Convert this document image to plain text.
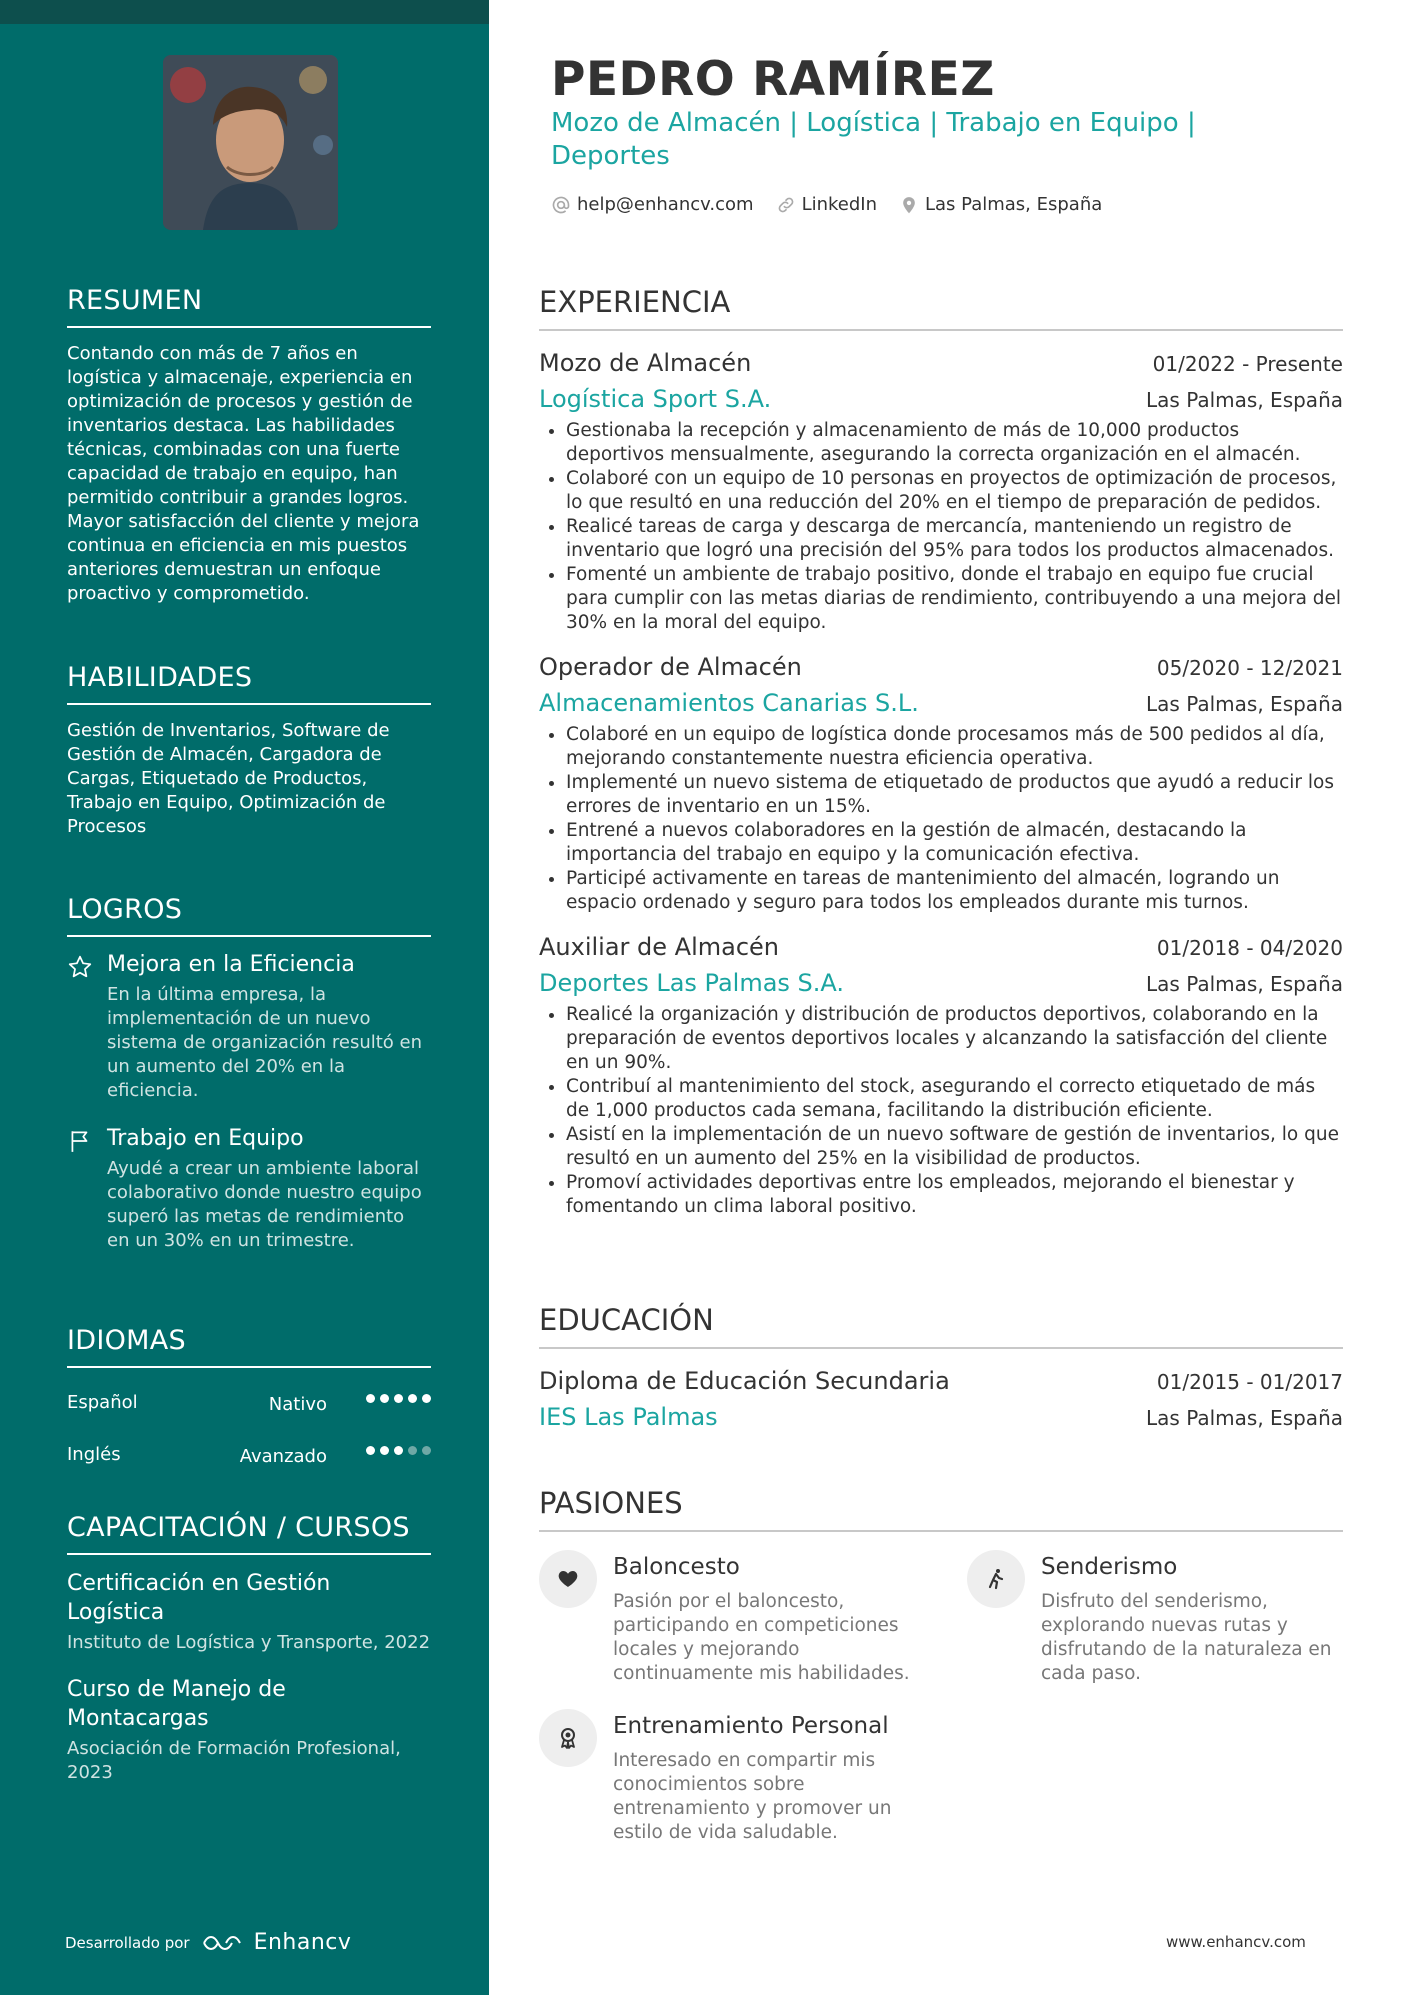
RESUMEN
Contando con más de 7 años en logística y almacenaje, experiencia en optimización de procesos y gestión de inventarios destaca. Las habilidades técnicas, combinadas con una fuerte capacidad de trabajo en equipo, han permitido contribuir a grandes logros. Mayor satisfacción del cliente y mejora continua en eficiencia en mis puestos anteriores demuestran un enfoque proactivo y comprometido.
HABILIDADES
Gestión de Inventarios, Software de Gestión de Almacén, Cargadora de Cargas, Etiquetado de Productos, Trabajo en Equipo, Optimización de Procesos
LOGROS
Mejora en la Eficiencia
En la última empresa, la implementación de un nuevo sistema de organización resultó en un aumento del 20% en la eficiencia.
Trabajo en Equipo
Ayudé a crear un ambiente laboral colaborativo donde nuestro equipo superó las metas de rendimiento en un 30% en un trimestre.
IDIOMAS
Español	Nativo
Inglés	Avanzado
CAPACITACIÓN / CURSOS
Certificación en Gestión Logística
Instituto de Logística y Transporte, 2022
Curso de Manejo de Montacargas
Asociación de Formación Profesional, 2023
Desarrollado por	Enhancv
PEDRO RAMÍREZ
Mozo de Almacén | Logística | Trabajo en Equipo | Deportes
help@enhancv.com	LinkedIn	Las Palmas, España
EXPERIENCIA
Mozo de Almacén	01/2022 - Presente
Logística Sport S.A.	Las Palmas, España
• Gestionaba la recepción y almacenamiento de más de 10,000 productos deportivos mensualmente, asegurando la correcta organización en el almacén.
• Colaboré con un equipo de 10 personas en proyectos de optimización de procesos, lo que resultó en una reducción del 20% en el tiempo de preparación de pedidos.
• Realicé tareas de carga y descarga de mercancía, manteniendo un registro de inventario que logró una precisión del 95% para todos los productos almacenados.
• Fomenté un ambiente de trabajo positivo, donde el trabajo en equipo fue crucial para cumplir con las metas diarias de rendimiento, contribuyendo a una mejora del 30% en la moral del equipo.
Operador de Almacén	05/2020 - 12/2021
Almacenamientos Canarias S.L.	Las Palmas, España
• Colaboré en un equipo de logística donde procesamos más de 500 pedidos al día, mejorando constantemente nuestra eficiencia operativa.
• Implementé un nuevo sistema de etiquetado de productos que ayudó a reducir los errores de inventario en un 15%.
• Entrené a nuevos colaboradores en la gestión de almacén, destacando la importancia del trabajo en equipo y la comunicación efectiva.
• Participé activamente en tareas de mantenimiento del almacén, logrando un espacio ordenado y seguro para todos los empleados durante mis turnos.
Auxiliar de Almacén	01/2018 - 04/2020
Deportes Las Palmas S.A.	Las Palmas, España
• Realicé la organización y distribución de productos deportivos, colaborando en la preparación de eventos deportivos locales y alcanzando la satisfacción del cliente en un 90%.
• Contribuí al mantenimiento del stock, asegurando el correcto etiquetado de más de 1,000 productos cada semana, facilitando la distribución eficiente.
• Asistí en la implementación de un nuevo software de gestión de inventarios, lo que resultó en un aumento del 25% en la visibilidad de productos.
• Promoví actividades deportivas entre los empleados, mejorando el bienestar y fomentando un clima laboral positivo.
EDUCACIÓN
Diploma de Educación Secundaria	01/2015 - 01/2017
IES Las Palmas	Las Palmas, España
PASIONES
Baloncesto
Pasión por el baloncesto, participando en competiciones locales y mejorando continuamente mis habilidades.
Senderismo
Disfruto del senderismo, explorando nuevas rutas y disfrutando de la naturaleza en cada paso.
Entrenamiento Personal
Interesado en compartir mis conocimientos sobre entrenamiento y promover un estilo de vida saludable.
www.enhancv.com
